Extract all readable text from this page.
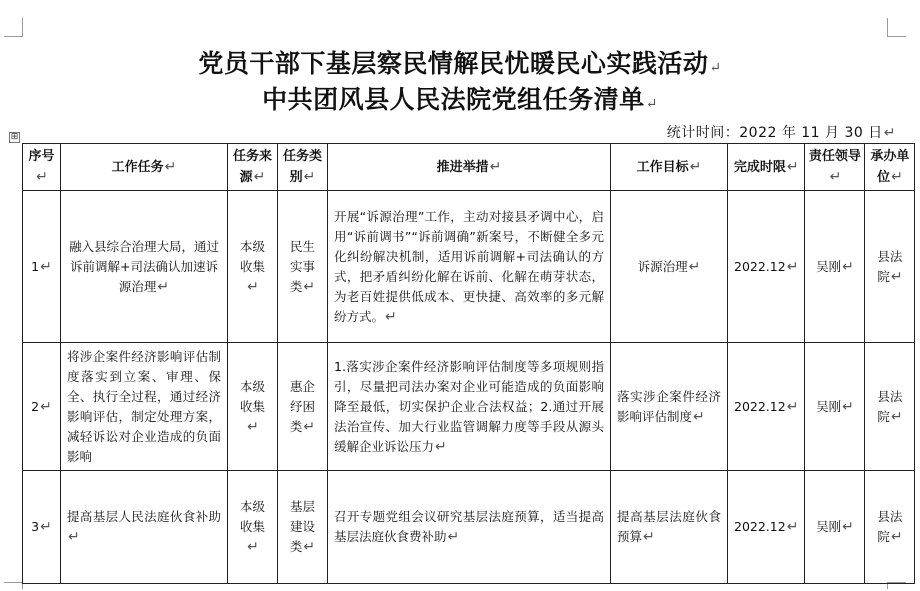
党员干部下基层察民情解民忧暖民心实践活动↵
中共团风县人民法院党组任务清单↵
统计时间：2022 年 11 月 30 日↵
⊞
序号↵	工作任务↵	任务来源↵	任务类别↵	推进举措↵	工作目标↵	完成时限↵	责任领导↵	承办单位↵
1↵	融入县综合治理大局，通过诉前调解+司法确认加速诉源治理↵	本级收集↵	民生实事类↵	开展“诉源治理”工作，主动对接县矛调中心，启用“诉前调书”“诉前调确”新案号，不断健全多元化纠纷解决机制，适用诉前调解+司法确认的方式，把矛盾纠纷化解在诉前、化解在萌芽状态，为老百姓提供低成本、更快捷、高效率的多元解纷方式。↵	诉源治理↵	2022.12↵	吴刚↵	县法院↵
2↵	将涉企案件经济影响评估制度落实到立案、审理、保全、执行全过程，通过经济影响评估，制定处理方案，减轻诉讼对企业造成的负面影响	本级收集↵	惠企纾困类↵	1.落实涉企案件经济影响评估制度等多项规则指引，尽量把司法办案对企业可能造成的负面影响降至最低，切实保护企业合法权益；2.通过开展法治宣传、加大行业监管调解力度等手段从源头缓解企业诉讼压力↵	落实涉企案件经济影响评估制度↵	2022.12↵	吴刚↵	县法院↵
3↵	提高基层人民法庭伙食补助↵	本级收集↵	基层建设类↵	召开专题党组会议研究基层法庭预算，适当提高基层法庭伙食费补助↵	提高基层法庭伙食预算↵	2022.12↵	吴刚↵	县法院↵
